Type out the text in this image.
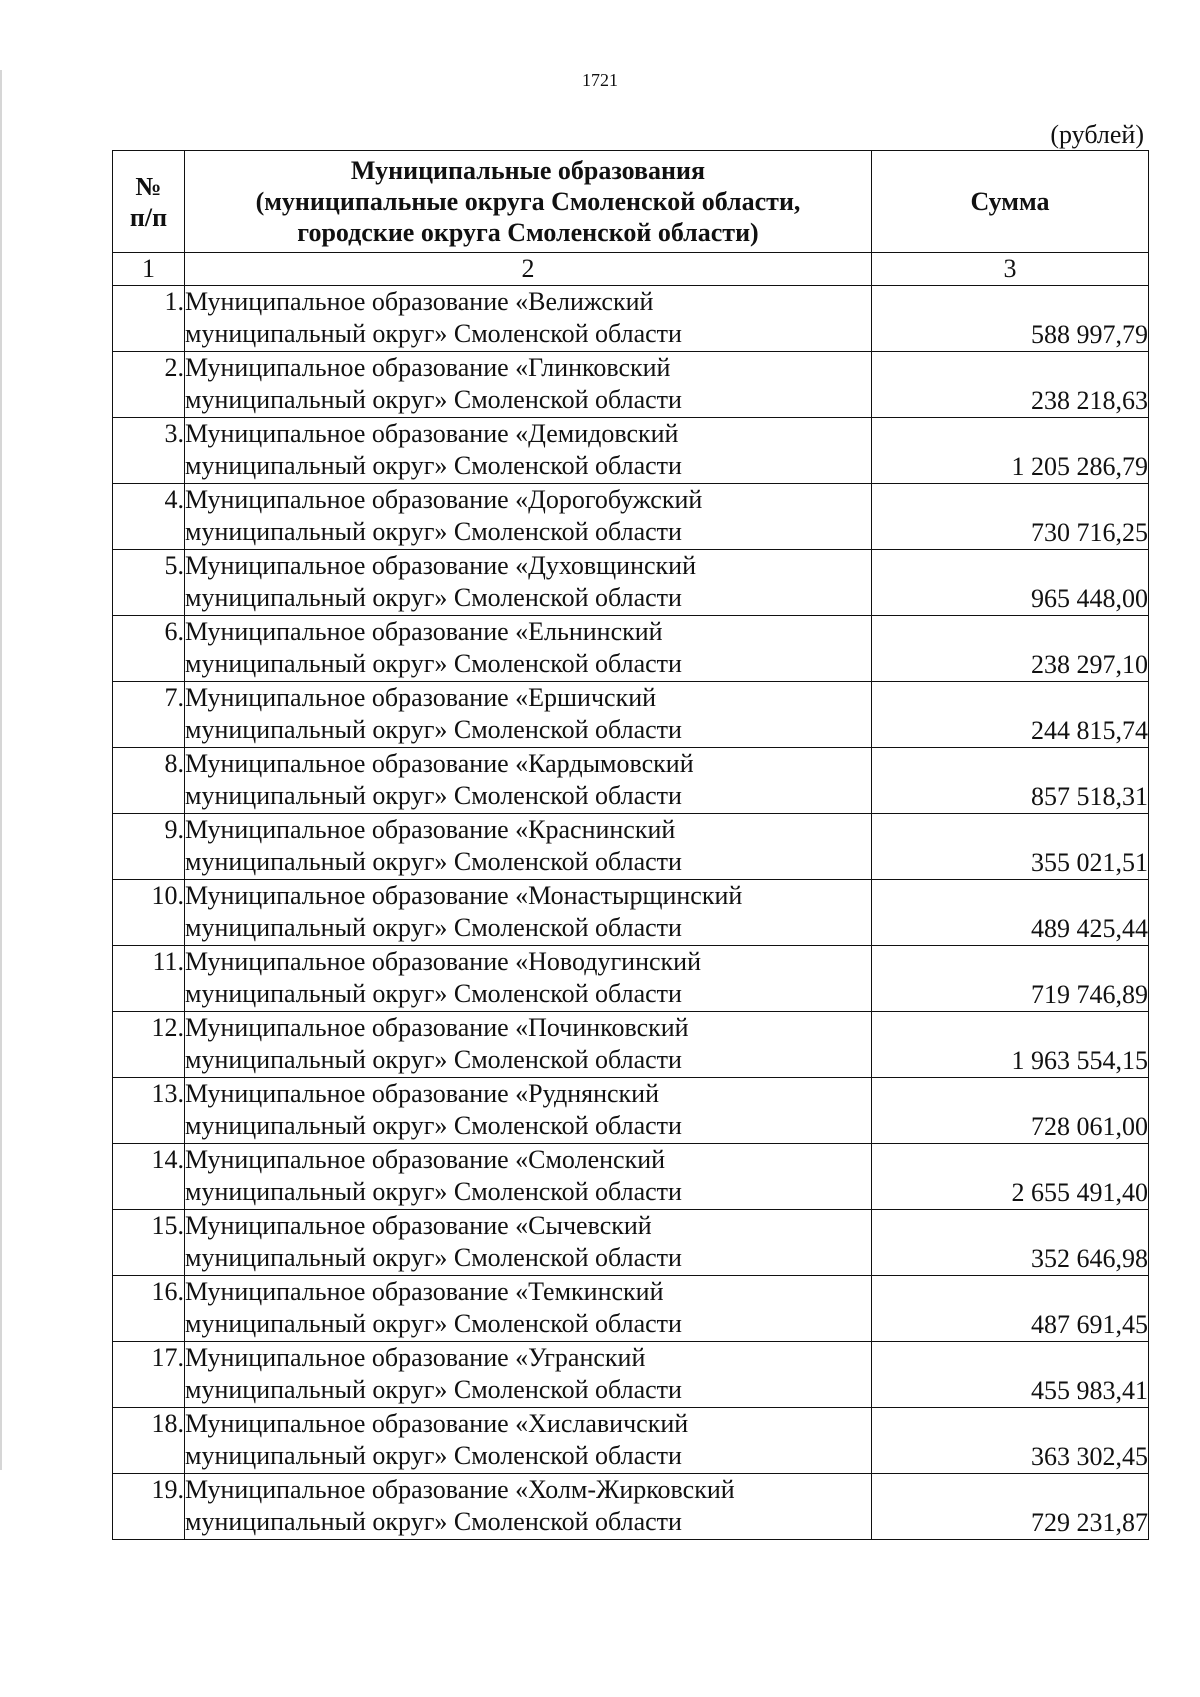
1721
(рублей)
№
п/п	Муниципальные образования
(муниципальные округа Смоленской области,
городские округа Смоленской области)	Сумма
1	2	3
1.	Муниципальное образование «Велижский
муниципальный округ» Смоленской области	588 997,79
2.	Муниципальное образование «Глинковский
муниципальный округ» Смоленской области	238 218,63
3.	Муниципальное образование «Демидовский
муниципальный округ» Смоленской области	1 205 286,79
4.	Муниципальное образование «Дорогобужский
муниципальный округ» Смоленской области	730 716,25
5.	Муниципальное образование «Духовщинский
муниципальный округ» Смоленской области	965 448,00
6.	Муниципальное образование «Ельнинский
муниципальный округ» Смоленской области	238 297,10
7.	Муниципальное образование «Ершичский
муниципальный округ» Смоленской области	244 815,74
8.	Муниципальное образование «Кардымовский
муниципальный округ» Смоленской области	857 518,31
9.	Муниципальное образование «Краснинский
муниципальный округ» Смоленской области	355 021,51
10.	Муниципальное образование «Монастырщинский
муниципальный округ» Смоленской области	489 425,44
11.	Муниципальное образование «Новодугинский
муниципальный округ» Смоленской области	719 746,89
12.	Муниципальное образование «Починковский
муниципальный округ» Смоленской области	1 963 554,15
13.	Муниципальное образование «Руднянский
муниципальный округ» Смоленской области	728 061,00
14.	Муниципальное образование «Смоленский
муниципальный округ» Смоленской области	2 655 491,40
15.	Муниципальное образование «Сычевский
муниципальный округ» Смоленской области	352 646,98
16.	Муниципальное образование «Темкинский
муниципальный округ» Смоленской области	487 691,45
17.	Муниципальное образование «Угранский
муниципальный округ» Смоленской области	455 983,41
18.	Муниципальное образование «Хиславичский
муниципальный округ» Смоленской области	363 302,45
19.	Муниципальное образование «Холм-Жирковский
муниципальный округ» Смоленской области	729 231,87
